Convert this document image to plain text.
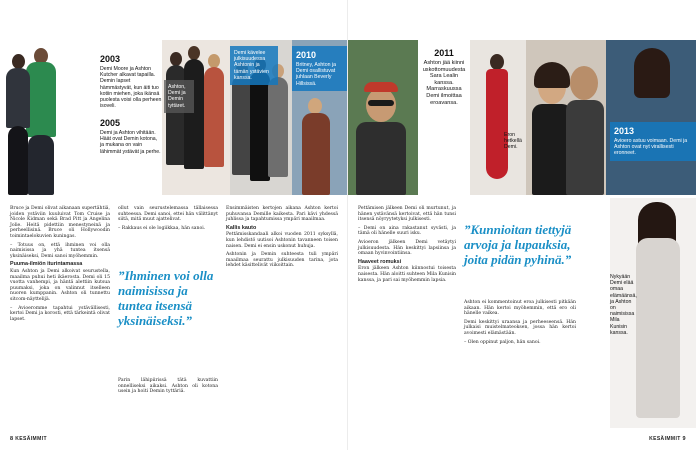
2003
Demi Moore ja Ashton Kutcher alkavat tapailla. Demin lapset hämmästyvät, kun äiti tuo kotiin miehen, joka ikänsä puolesta voisi olla perheen isoveli.
2005
Demi ja Ashton vihitään. Häät ovat Demin kotona, ja mukana on vain lähimmät ystävät ja perhe.
Ashton, Demi ja Demin tyttäret.
Demi kävelee julkisuudessa Ashtonin ja tämän ystävien kanssa.
2010
Britney, Ashton ja Demi osallistuvat juhlaan Beverly Hillsissä.

Bruce ja Demi olivat aikanaan supertähtiä, joiden ystäviin kuuluivat Tom Cruise ja Nicole Kidman sekä Brad Pitt ja Angelina Jolie. Heitä pidettiin menestyneinä ja perheellisinä. Bruce oli Hollywoodin toimintaelokuvien kuningas.

– Totuus on, että ihminen voi olla naimisissa ja yhä tuntea itsensä yksinäiseksi, Demi sanoi myöhemmin.

Puuma-ilmiön iturintamassa

Kun Ashton ja Demi alkoivat seurustella, maailma puhui heti ikäerosta. Demi oli 15 vuotta vanhempi, ja häntä alettiin kutsua puumaksi, joka on valinnut itselleen nuoren kumppanin. Ashton oli tunnettu sitcom-näyttelijä.

– Avioeromme tapahtui ystävällisesti, kertoi Demi ja korosti, että tärkeintä olivat lapset.

ollut vain seurustelemassa tällaisessa suhteessa. Demi sanoi, ettei hän välittänyt siitä, mitä muut ajattelivat.

– Rakkaus ei ole logiikkaa, hän sanoi.

”Ihminen voi olla naimisissa ja tuntea itsensä yksinäiseksi.”

Parin lähipiirissä tätä kuvattiin onnelliseksi aikaksi. Ashton oli kotona usein ja hoiti Demin tyttäriä.

Ensimmäisten kertojen aikana Ashton kertoi puhuvansa Demille kaikesta. Pari kävi yhdessä juhlissa ja tapahtumissa ympäri maailmaa.

Kallis kauto

Pettämisskandaali alkoi vuoden 2011 syksyllä, kun lehdistö uutisoi Ashtonin tavanneen toisen naisen. Demi ei ensin uskonut huhuja.

Ashtonin ja Demin suhteesta tuli ympäri maailmaa seurattu julkisuuden tarina, jota lehdet käsittelivät viikoittain.

8 KESÄIMMIT
2011
Ashton jää kiinni uskottomuudesta Sara Lealin kanssa. Marraskuussa Demi ilmoittaa eroavansa.
Eron hetkellä Demi.
2013
Avioero astuu voimaan. Demi ja Ashton ovat nyt virallisesti eronneet.

Pettämisen jälkeen Demi oli murtunut, ja hänen ystävänsä kertoivat, että hän tunsi itsensä nöyryytetyksi julkisesti.

– Demi on aina rakastanut syvästi, ja tämä oli hänelle suuri isku.

Avioeron jälkeen Demi vetäytyi julkisuudesta. Hän keskittyi lapsiinsa ja omaan hyvinvointiinsa.

Haaveet romuksi

Eron jälkeen Ashton kiinnostui toisesta naisesta. Hän aloitti suhteen Mila Kunisin kanssa, ja pari sai myöhemmin lapsia.

”Kunnioitan tiettyjä arvoja ja lupauksia, joita pidän pyhinä.”

Ashton ei kommentoinut eroa julkisesti pitkään aikaan. Hän kertoi myöhemmin, että ero oli hänelle vaikea.

Demi keskittyi uraansa ja perheeseensä. Hän julkaisi muistelmateoksen, jossa hän kertoi avoimesti elämästään.

– Olen oppinut paljon, hän sanoi.

Nykyään Demi elää omaa elämäänsä, ja Ashton on naimisissa Mila Kunisin kanssa.
KESÄIMMIT 9
